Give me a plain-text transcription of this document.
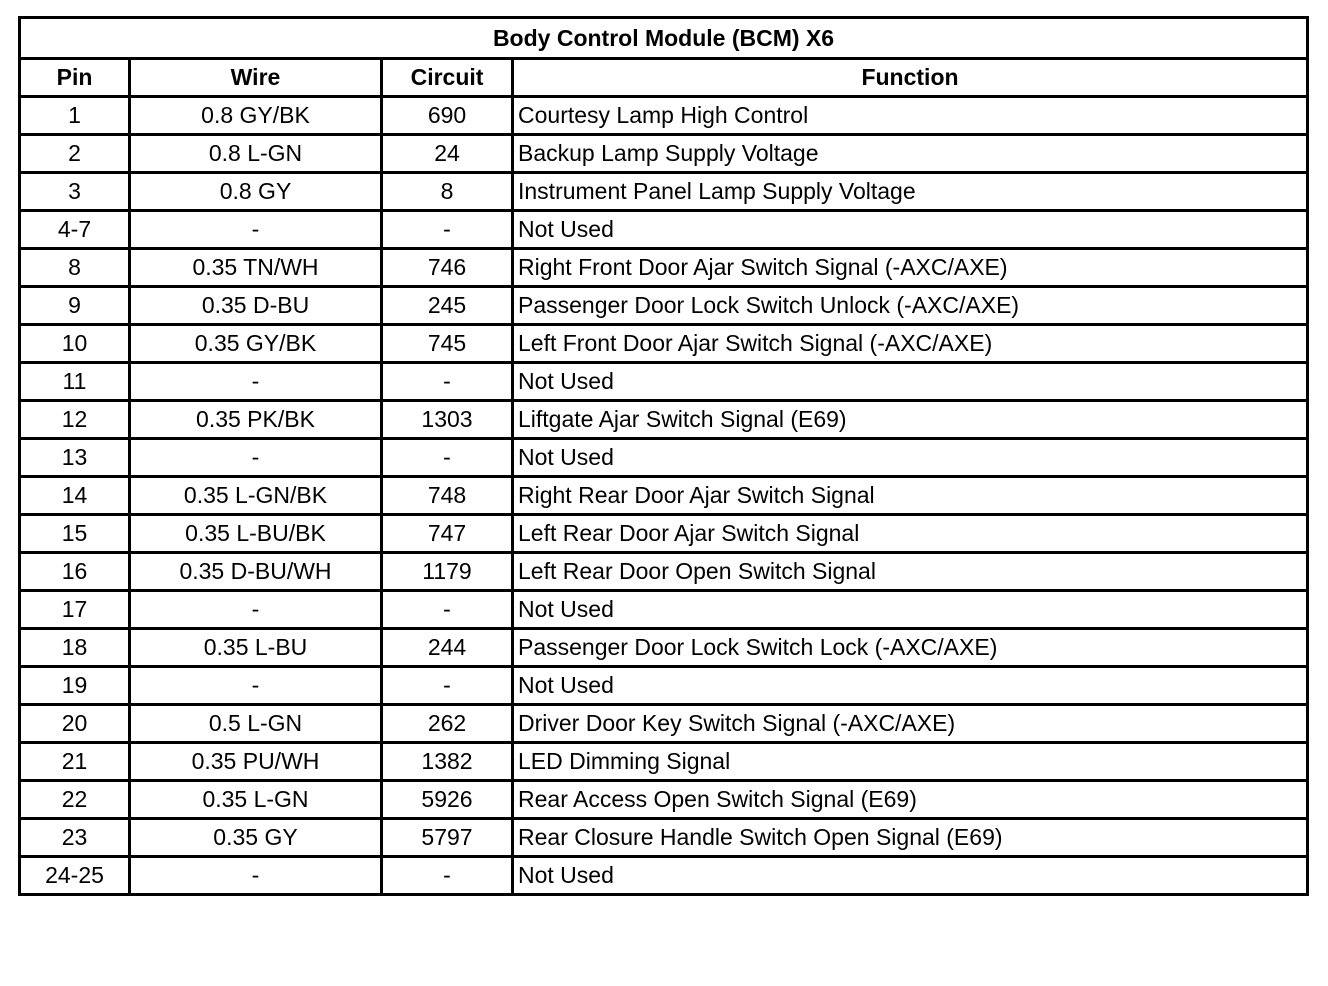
Body Control Module (BCM) X6			
Pin	Wire	Circuit	Function
1	0.8 GY/BK	690	Courtesy Lamp High Control
2	0.8 L-GN	24	Backup Lamp Supply Voltage
3	0.8 GY	8	Instrument Panel Lamp Supply Voltage
4-7	-	-	Not Used
8	0.35 TN/WH	746	Right Front Door Ajar Switch Signal (-AXC/AXE)
9	0.35 D-BU	245	Passenger Door Lock Switch Unlock (-AXC/AXE)
10	0.35 GY/BK	745	Left Front Door Ajar Switch Signal (-AXC/AXE)
11	-	-	Not Used
12	0.35 PK/BK	1303	Liftgate Ajar Switch Signal (E69)
13	-	-	Not Used
14	0.35 L-GN/BK	748	Right Rear Door Ajar Switch Signal
15	0.35 L-BU/BK	747	Left Rear Door Ajar Switch Signal
16	0.35 D-BU/WH	1179	Left Rear Door Open Switch Signal
17	-	-	Not Used
18	0.35 L-BU	244	Passenger Door Lock Switch Lock (-AXC/AXE)
19	-	-	Not Used
20	0.5 L-GN	262	Driver Door Key Switch Signal (-AXC/AXE)
21	0.35 PU/WH	1382	LED Dimming Signal
22	0.35 L-GN	5926	Rear Access Open Switch Signal (E69)
23	0.35 GY	5797	Rear Closure Handle Switch Open Signal (E69)
24-25	-	-	Not Used
